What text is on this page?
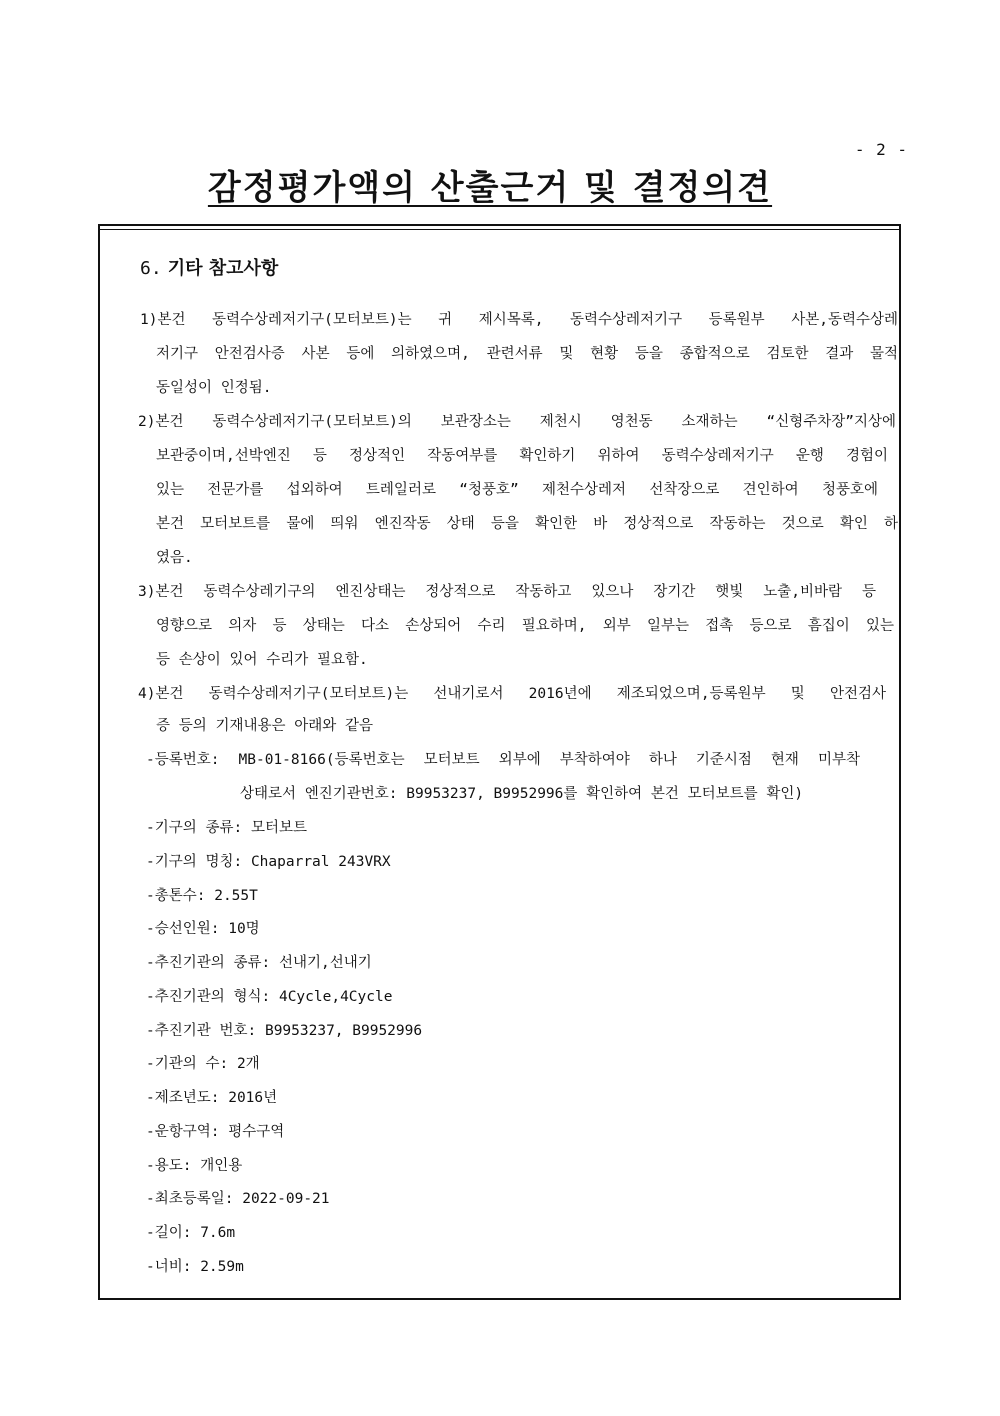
- 2 -
감정평가액의 산출근거 및 결정의견
6. 기타 참고사항
1)본건 동력수상레저기구(모터보트)는 귀 제시목록, 동력수상레저기구 등록원부 사본,동력수상레
저기구 안전검사증 사본 등에 의하였으며, 관련서류 및 현황 등을 종합적으로 검토한 결과 물적
동일성이 인정됨.
2)본건 동력수상레저기구(모터보트)의 보관장소는 제천시 영천동 소재하는 “신형주차장”지상에
보관중이며,선박엔진 등 정상적인 작동여부를 확인하기 위하여 동력수상레저기구 운행 경험이
있는 전문가를 섭외하여 트레일러로 “청풍호” 제천수상레저 선착장으로 견인하여 청풍호에
본건 모터보트를 물에 띄워 엔진작동 상태 등을 확인한 바 정상적으로 작동하는 것으로 확인 하
였음.
3)본건 동력수상레기구의 엔진상태는 정상적으로 작동하고 있으나 장기간 햇빛 노출,비바람 등
영향으로 의자 등 상태는 다소 손상되어 수리 필요하며, 외부 일부는 접촉 등으로 흠집이 있는
등 손상이 있어 수리가 필요함.
4)본건 동력수상레저기구(모터보트)는 선내기로서 2016년에 제조되었으며,등록원부 및 안전검사
증 등의 기재내용은 아래와 같음
-등록번호: MB-01-8166(등록번호는 모터보트 외부에 부착하여야 하나 기준시점 현재 미부착
상태로서 엔진기관번호: B9953237, B9952996를 확인하여 본건 모터보트를 확인)
-기구의 종류: 모터보트
-기구의 명칭: Chaparral 243VRX
-총톤수: 2.55T
-승선인원: 10명
-추진기관의 종류: 선내기,선내기
-추진기관의 형식: 4Cycle,4Cycle
-추진기관 번호: B9953237, B9952996
-기관의 수: 2개
-제조년도: 2016년
-운항구역: 평수구역
-용도: 개인용
-최초등록일: 2022-09-21
-길이: 7.6m
-너비: 2.59m
